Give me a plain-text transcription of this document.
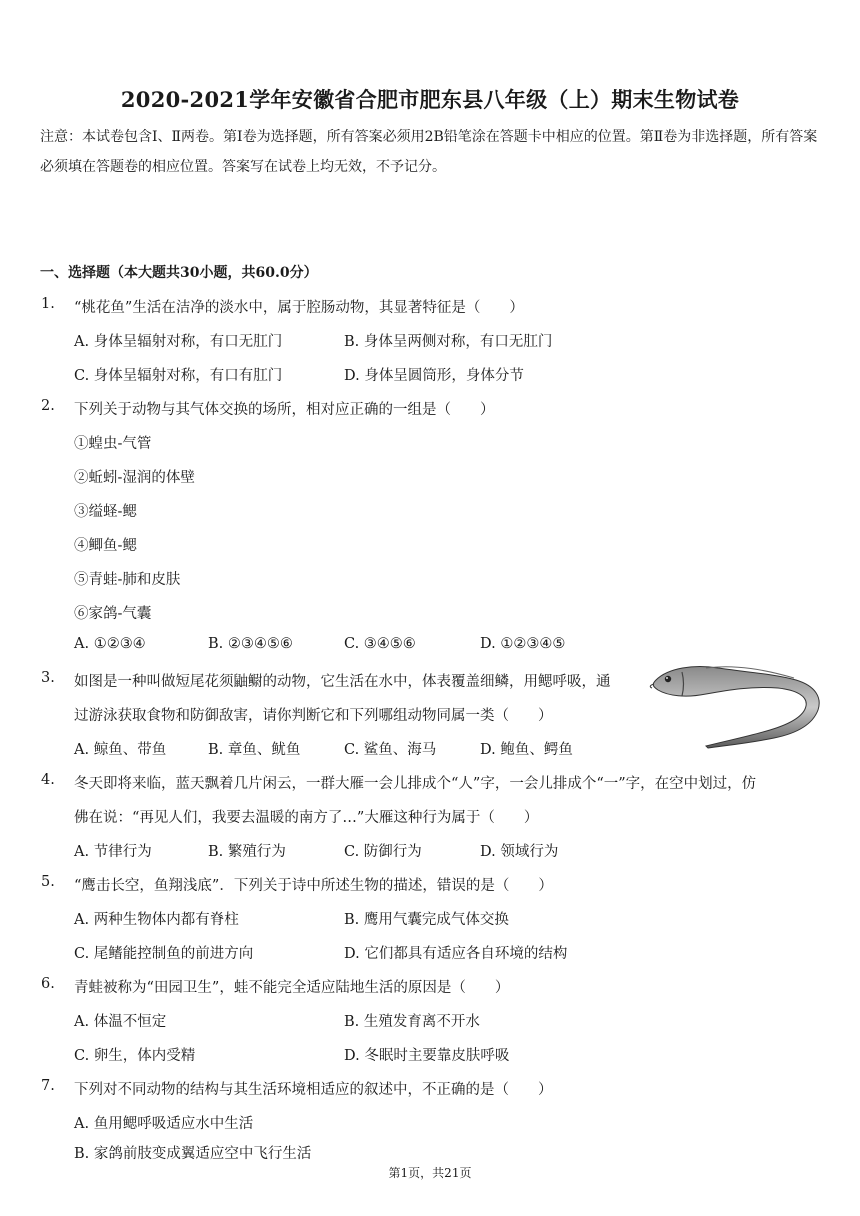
2020-2021学年安徽省合肥市肥东县八年级（上）期末生物试卷
注意：本试卷包含Ⅰ、Ⅱ两卷。第Ⅰ卷为选择题，所有答案必须用2B铅笔涂在答题卡中相应的位置。第Ⅱ卷为非选择题，所有答案必须填在答题卷的相应位置。答案写在试卷上均无效，不予记分。
一、选择题（本大题共30小题，共60.0分）
1. “桃花鱼”生活在洁净的淡水中，属于腔肠动物，其显著特征是（　　）
A. 身体呈辐射对称，有口无肛门	B. 身体呈两侧对称，有口无肛门
C. 身体呈辐射对称，有口有肛门	D. 身体呈圆筒形，身体分节
2. 下列关于动物与其气体交换的场所，相对应正确的一组是（　　）
①蝗虫-气管
②蚯蚓-湿润的体壁
③缢蛏-鳃
④鲫鱼-鳃
⑤青蛙-肺和皮肤
⑥家鸽-气囊
A. ①②③④	B. ②③④⑤⑥	C. ③④⑤⑥	D. ①②③④⑤
3. 如图是一种叫做短尾花须鼬鳚的动物，它生活在水中，体表覆盖细鳞，用鳃呼吸，通
过游泳获取食物和防御敌害，请你判断它和下列哪组动物同属一类（　　）
A. 鲸鱼、带鱼	B. 章鱼、鱿鱼	C. 鲨鱼、海马	D. 鲍鱼、鳄鱼
4. 冬天即将来临，蓝天飘着几片闲云，一群大雁一会儿排成个“人”字，一会儿排成个“一”字，在空中划过，仿
佛在说：“再见人们，我要去温暖的南方了…”大雁这种行为属于（　　）
A. 节律行为	B. 繁殖行为	C. 防御行为	D. 领域行为
5. “鹰击长空，鱼翔浅底”．下列关于诗中所述生物的描述，错误的是（　　）
A. 两种生物体内都有脊柱	B. 鹰用气囊完成气体交换
C. 尾鳍能控制鱼的前进方向	D. 它们都具有适应各自环境的结构
6. 青蛙被称为“田园卫生”，蛙不能完全适应陆地生活的原因是（　　）
A. 体温不恒定	B. 生殖发育离不开水
C. 卵生，体内受精	D. 冬眠时主要靠皮肤呼吸
7. 下列对不同动物的结构与其生活环境相适应的叙述中，不正确的是（　　）
A. 鱼用鳃呼吸适应水中生活
B. 家鸽前肢变成翼适应空中飞行生活
第1页，共21页
